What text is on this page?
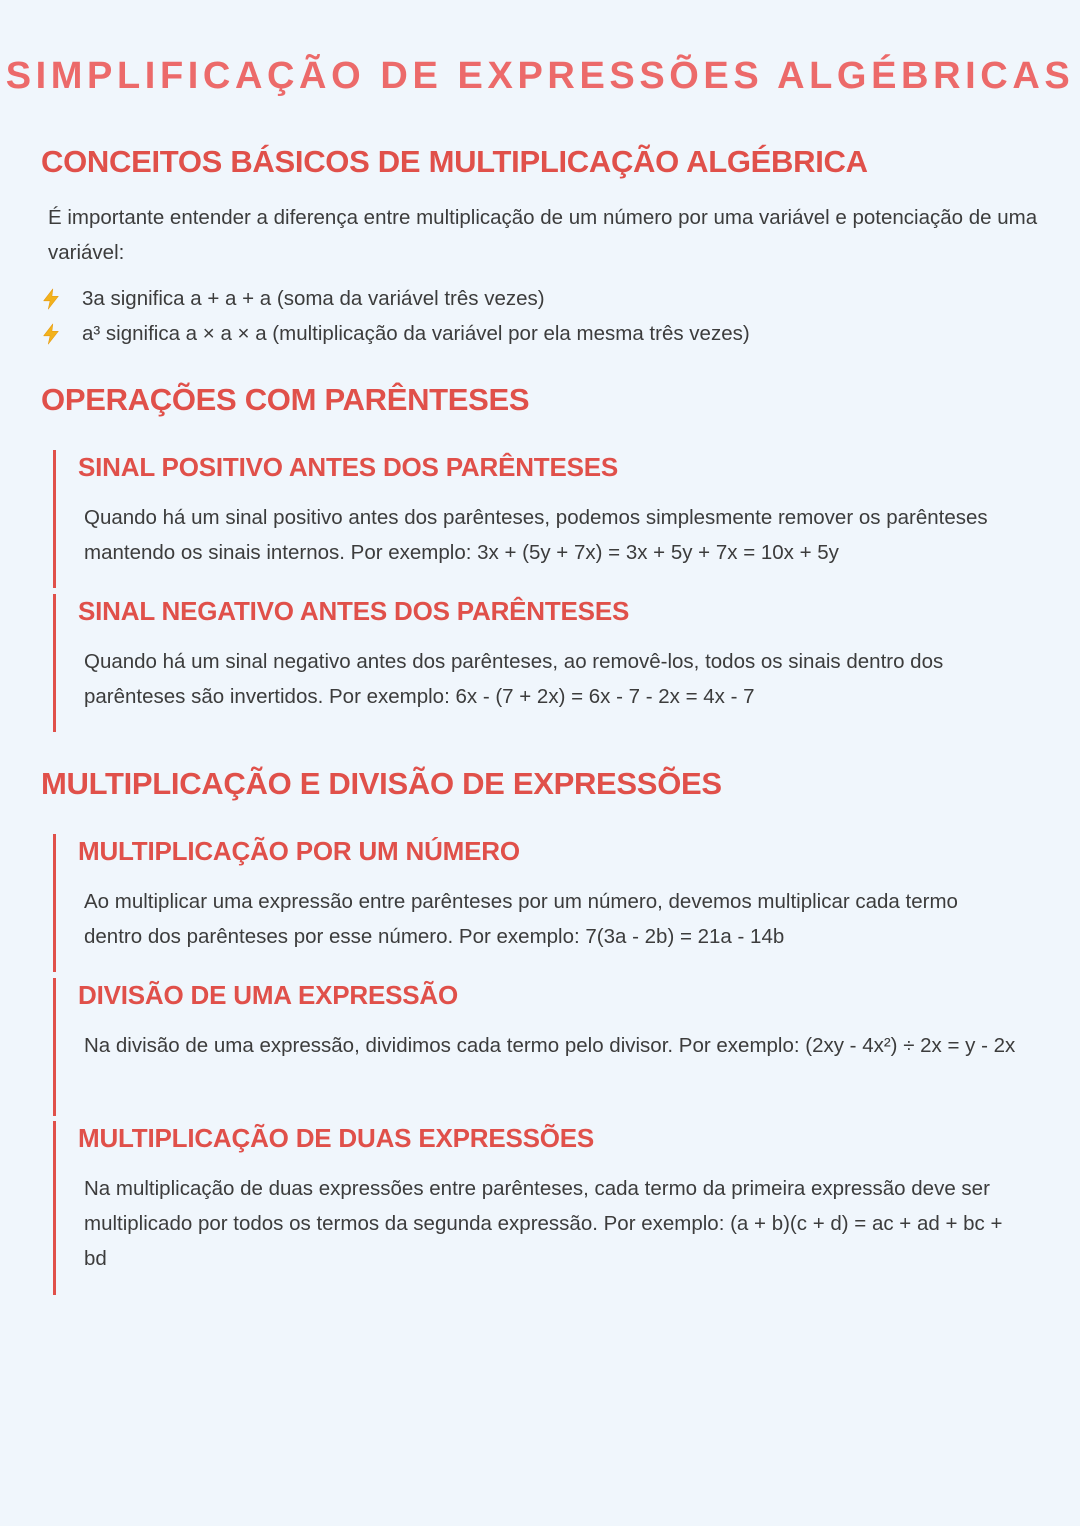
SIMPLIFICAÇÃO DE EXPRESSÕES ALGÉBRICAS
CONCEITOS BÁSICOS DE MULTIPLICAÇÃO ALGÉBRICA

É importante entender a diferença entre multiplicação de um número por uma variável e potenciação de uma variável:

3a significa a + a + a (soma da variável três vezes)
a³ significa a × a × a (multiplicação da variável por ela mesma três vezes)
OPERAÇÕES COM PARÊNTESES
SINAL POSITIVO ANTES DOS PARÊNTESES

Quando há um sinal positivo antes dos parênteses, podemos simplesmente remover os parênteses mantendo os sinais internos. Por exemplo: 3x + (5y + 7x) = 3x + 5y + 7x = 10x + 5y

SINAL NEGATIVO ANTES DOS PARÊNTESES

Quando há um sinal negativo antes dos parênteses, ao removê-los, todos os sinais dentro dos parênteses são invertidos. Por exemplo: 6x - (7 + 2x) = 6x - 7 - 2x = 4x - 7

MULTIPLICAÇÃO E DIVISÃO DE EXPRESSÕES
MULTIPLICAÇÃO POR UM NÚMERO

Ao multiplicar uma expressão entre parênteses por um número, devemos multiplicar cada termo dentro dos parênteses por esse número. Por exemplo: 7(3a - 2b) = 21a - 14b

DIVISÃO DE UMA EXPRESSÃO

Na divisão de uma expressão, dividimos cada termo pelo divisor. Por exemplo: (2xy - 4x²) ÷ 2x = y - 2x

MULTIPLICAÇÃO DE DUAS EXPRESSÕES

Na multiplicação de duas expressões entre parênteses, cada termo da primeira expressão deve ser multiplicado por todos os termos da segunda expressão. Por exemplo: (a + b)(c + d) = ac + ad + bc + bd
